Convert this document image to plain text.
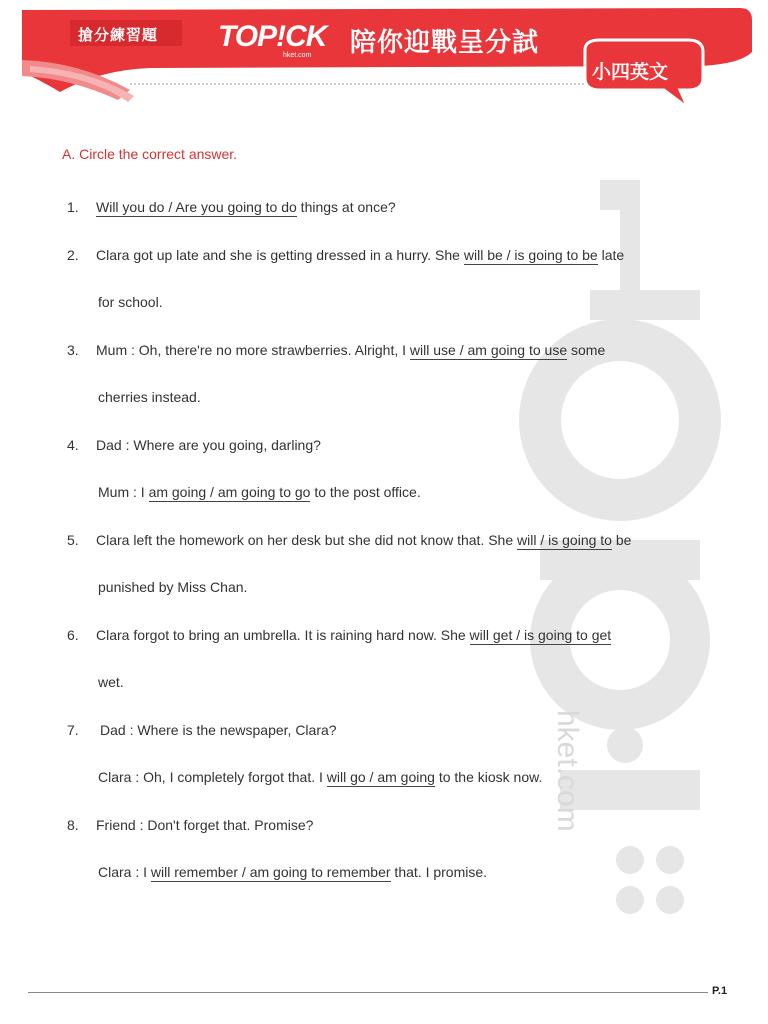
搶分練習題 TOP!CK
hket.com 陪你迎戰呈分試
小四英文
hket.com
A. Circle the correct answer.
1. Will you do / Are you going to do things at once?
2. Clara got up late and she is getting dressed in a hurry. She will be / is going to be late
for school.
3. Mum : Oh, there're no more strawberries. Alright, I will use / am going to use some
cherries instead.
4. Dad : Where are you going, darling?
Mum : I am going / am going to go to the post office.
5. Clara left the homework on her desk but she did not know that. She will / is going to be
punished by Miss Chan.
6. Clara forgot to bring an umbrella. It is raining hard now. She will get / is going to get
wet.
7. Dad : Where is the newspaper, Clara?
Clara : Oh, I completely forgot that. I will go / am going to the kiosk now.
8. Friend : Don't forget that. Promise?
Clara : I will remember / am going to remember that. I promise.
P.1
